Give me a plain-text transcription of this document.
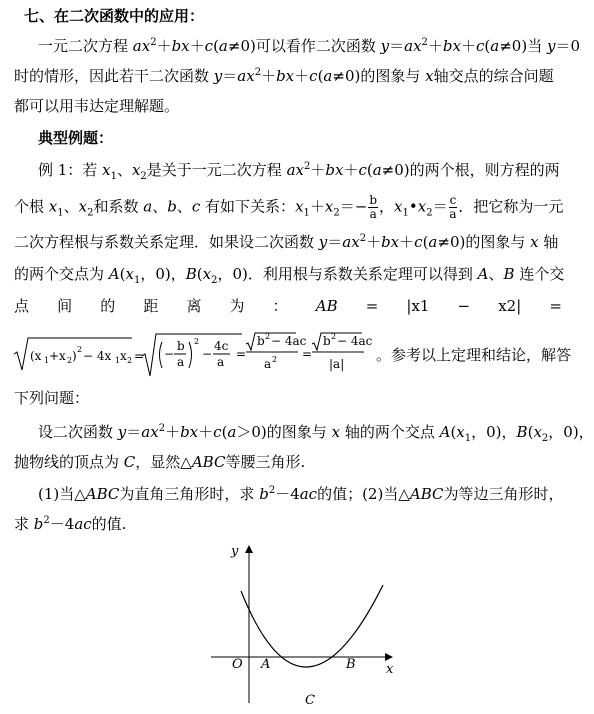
七、在二次函数中的应用：
一元二次方程 $ax^2+bx+c(a\ne 0)$可以看作二次函数 $y=ax^2+bx+c(a\ne 0)$当 y＝0
时的情形，因此若干二次函数 $y=ax^2+bx+c(a\ne 0)$的图象与 x轴交点的综合问题
都可以用韦达定理解题。
典型例题：
例 1：若 $x_1$、$x_2$是关于一元二次方程 $ax^2+bx+c(a\ne 0)$的两个根，则方程的两
个根 $x_1$、$x_2$和系数 a、b、c 有如下关系：$x_1+x_2=- \frac{b}{a}$ ，$x_1•x_2= \frac{c}{a}$ ．把它称为一元
二次方程根与系数关系定理．如果设二次函数 $y=ax^2+bx+c(a\ne 0)$的图象与 x 轴
的两个交点为 $A(x_1$，0)，$B(x_2$，0)．利用根与系数关系定理可以得到 A、B 连个交
点 间 的 距 离 为 ： AB = |x1 − x2| =
(x 1 +x 2 ) 2 − 4x 1 x 2 = −
b
a
2
−
4c
a
=
b 2 − 4ac
a 2 =
b 2 − 4ac
|a| 。参考以上定理和结论，解答
下列问题：
设二次函数 $y=ax^2+bx+c(a>0)$的图象与 x 轴的两个交点 $A(x_1$，0)，$B(x_2$，0)，
抛物线的顶点为 C，显然△ABC等腰三角形.
(1)当△ABC为直角三角形时，求 $b^2-4ac$的值；(2)当△ABC为等边三角形时，
求 $b^2-4ac$的值.
y
x
O A	B
C
